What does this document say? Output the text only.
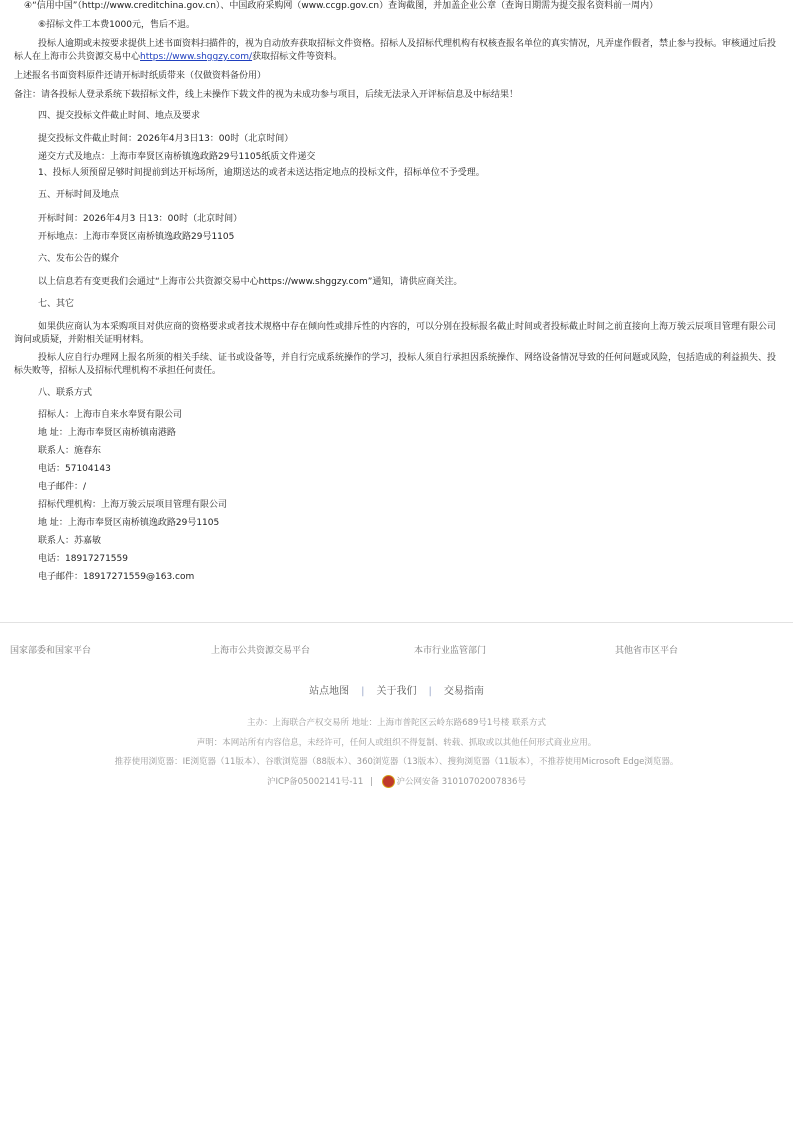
④“信用中国”（http://www.creditchina.gov.cn）、中国政府采购网（www.ccgp.gov.cn）查询截图，并加盖企业公章（查询日期需为提交报名资料前一周内）

⑥招标文件工本费1000元，售后不退。

投标人逾期或未按要求提供上述书面资料扫描件的，视为自动放弃获取招标文件资格。招标人及招标代理机构有权核查报名单位的真实情况，凡弄虚作假者，禁止参与投标。审核通过后投标人在上海市公共资源交易中心https://www.shggzy.com/获取招标文件等资料。

上述报名书面资料原件还请开标时纸质带来（仅做资料备份用）

备注：请各投标人登录系统下载招标文件，线上未操作下载文件的视为未成功参与项目，后续无法录入开评标信息及中标结果！

四、提交投标文件截止时间、地点及要求

提交投标文件截止时间：2026年4月3日13：00时（北京时间）

递交方式及地点：上海市奉贤区南桥镇逸政路29号1105纸质文件递交

1、投标人须预留足够时间提前到达开标场所，逾期送达的或者未送达指定地点的投标文件，招标单位不予受理。

五、开标时间及地点

开标时间：2026年4月3 日13：00时（北京时间）

开标地点：上海市奉贤区南桥镇逸政路29号1105

六、发布公告的媒介

以上信息若有变更我们会通过“上海市公共资源交易中心https://www.shggzy.com”通知，请供应商关注。

七、其它

如果供应商认为本采购项目对供应商的资格要求或者技术规格中存在倾向性或排斥性的内容的，可以分别在投标报名截止时间或者投标截止时间之前直接向上海万骏云辰项目管理有限公司询问或质疑，并附相关证明材料。

投标人应自行办理网上报名所须的相关手续、证书或设备等，并自行完成系统操作的学习，投标人须自行承担因系统操作、网络设备情况导致的任何问题或风险，包括造成的利益损失、投标失败等，招标人及招标代理机构不承担任何责任。

八、联系方式

招标人：上海市自来水奉贤有限公司

地 址：上海市奉贤区南桥镇南港路

联系人：施春东

电话：57104143

电子邮件：/

招标代理机构：上海万骏云辰项目管理有限公司

地 址：上海市奉贤区南桥镇逸政路29号1105

联系人：苏嘉敏

电话：18917271559

电子邮件：18917271559@163.com

国家部委和国家平台	上海市公共资源交易平台	本市行业监管部门	其他省市区平台
站点地图 | 关于我们 | 交易指南
主办：上海联合产权交易所 地址：上海市普陀区云岭东路689号1号楼 联系方式
声明：本网站所有内容信息，未经许可，任何人或组织不得复制、转载、抓取或以其他任何形式商业应用。
推荐使用浏览器：IE浏览器（11版本）、谷歌浏览器（88版本）、360浏览器（13版本）、搜狗浏览器（11版本），不推荐使用Microsoft Edge浏览器。
沪ICP备05002141号-11 |	沪公网安备 31010702007836号
